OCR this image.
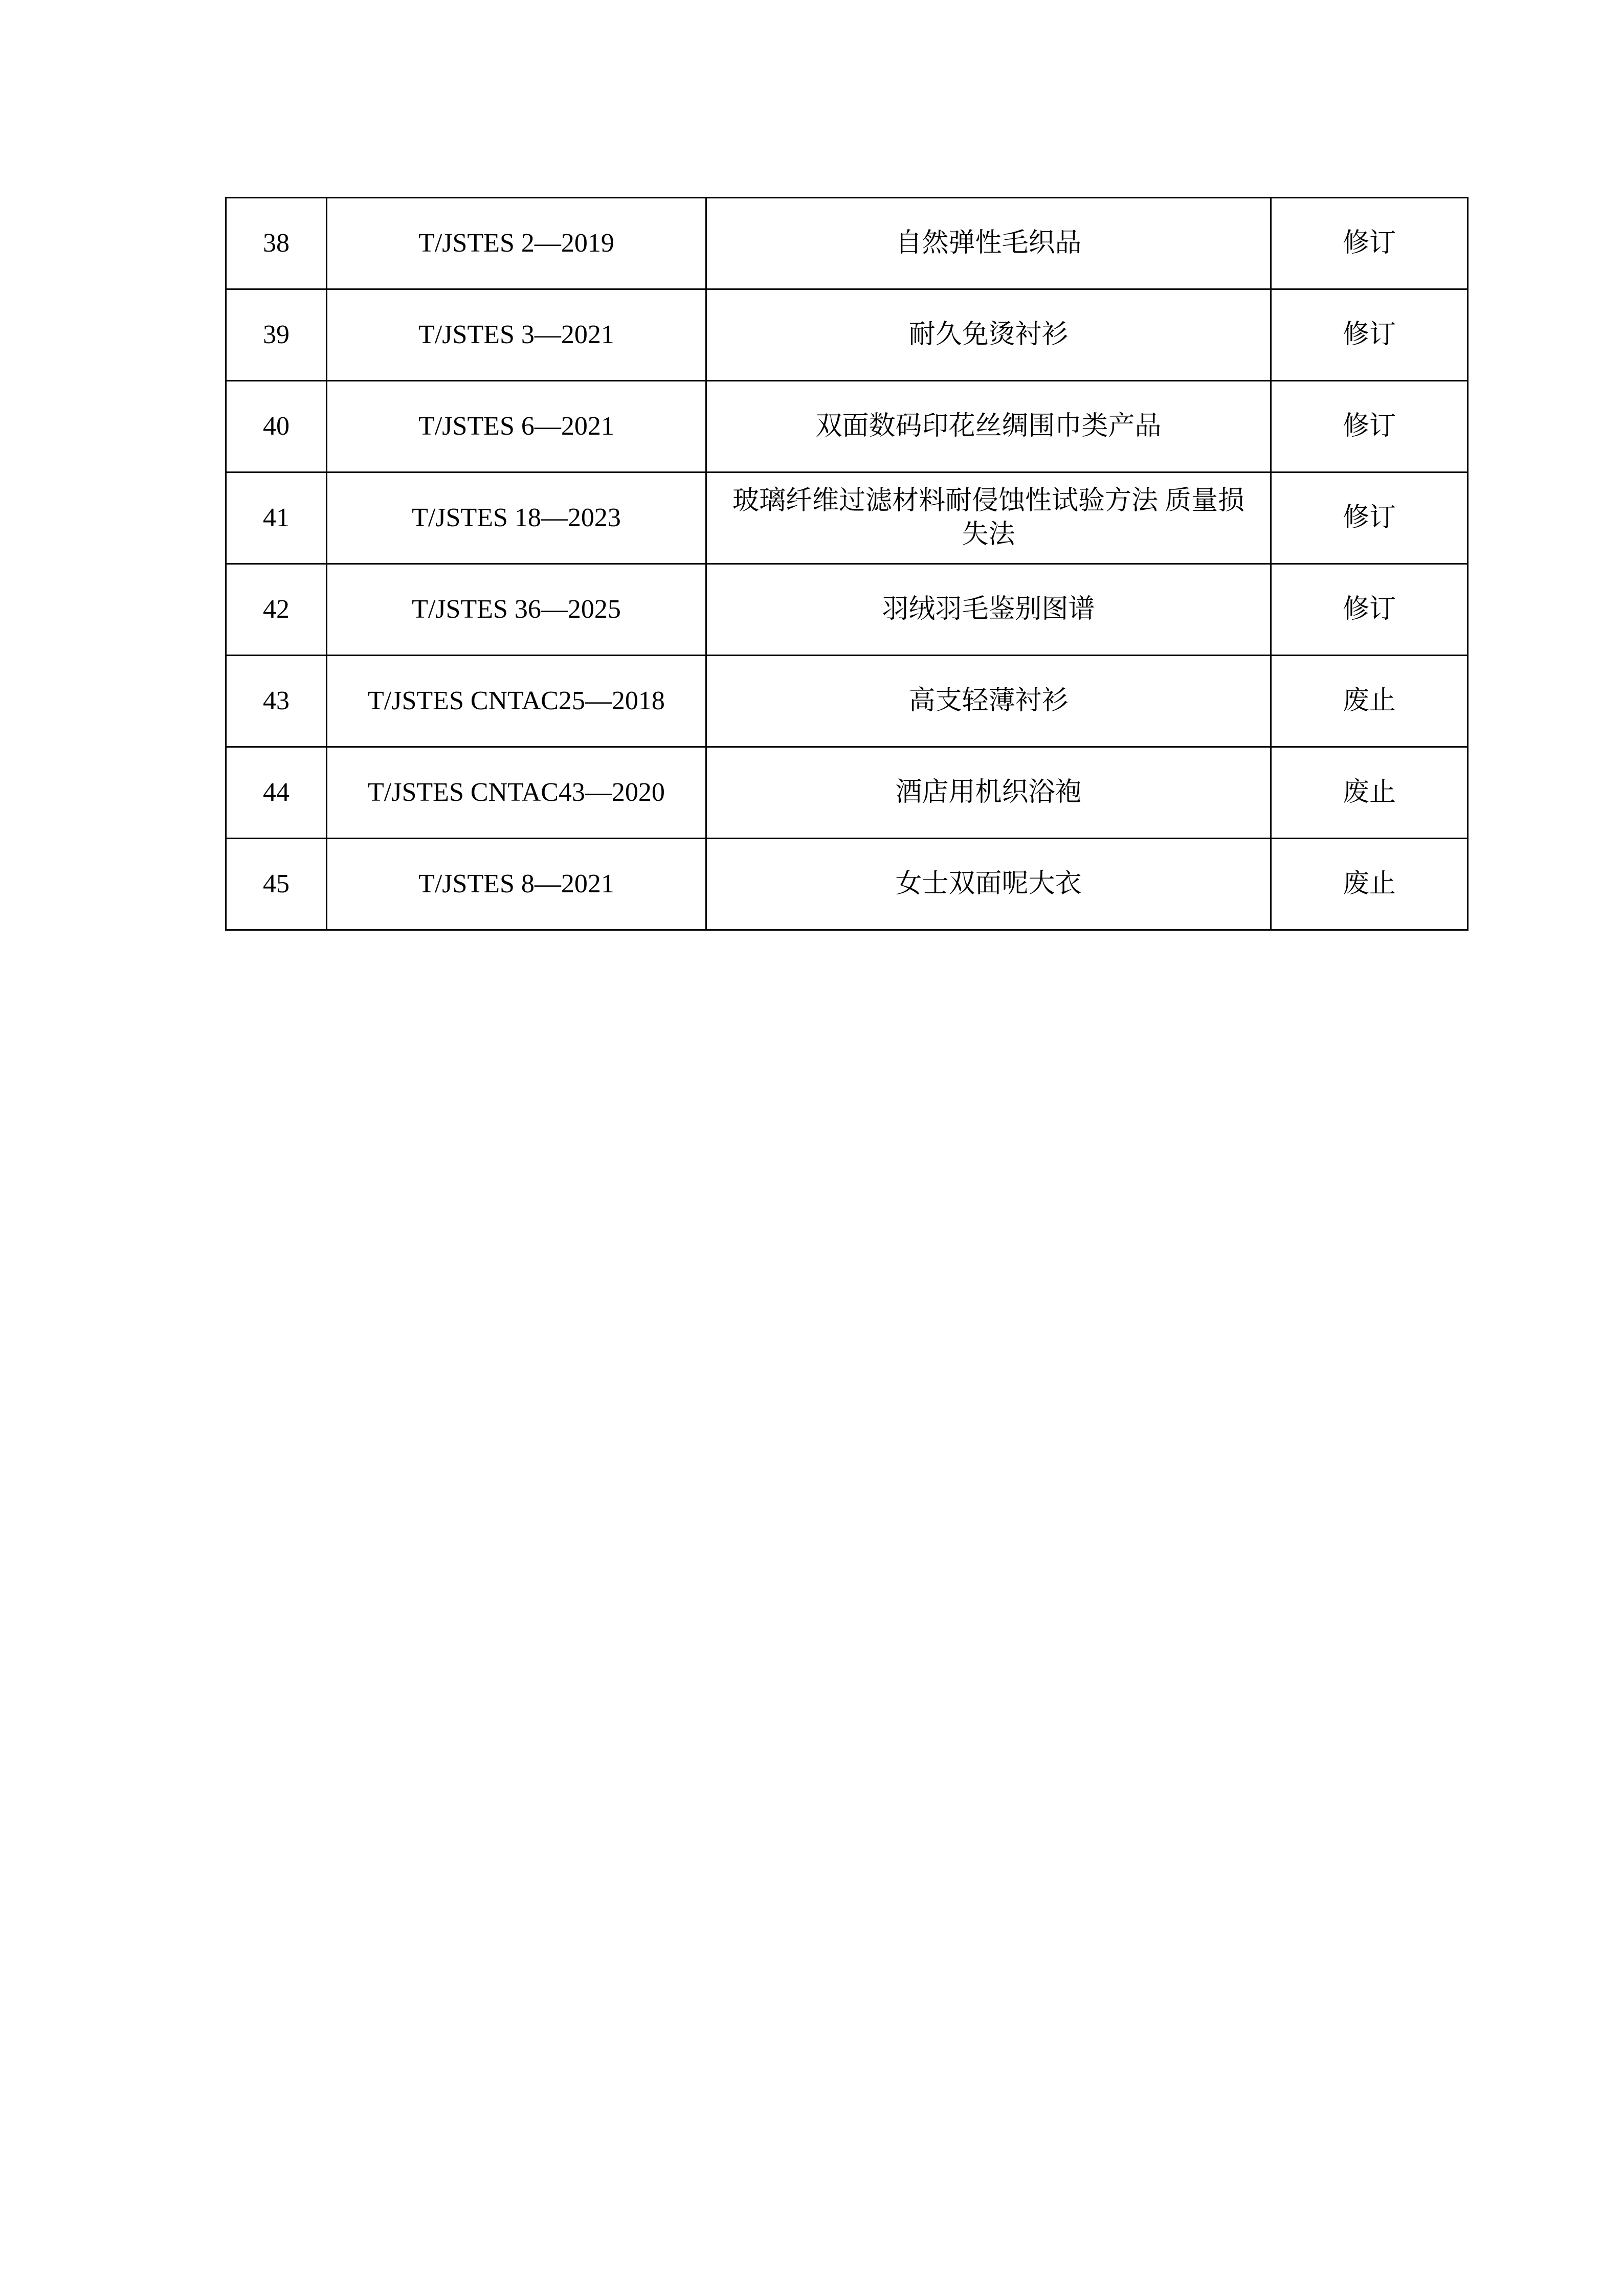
38	T/JSTES 2—2019	自然弹性毛织品	修订
39	T/JSTES 3—2021	耐久免烫衬衫	修订
40	T/JSTES 6—2021	双面数码印花丝绸围巾类产品	修订
41	T/JSTES 18—2023	玻璃纤维过滤材料耐侵蚀性试验方法 质量损失法	修订
42	T/JSTES 36—2025	羽绒羽毛鉴别图谱	修订
43	T/JSTES CNTAC25—2018	高支轻薄衬衫	废止
44	T/JSTES CNTAC43—2020	酒店用机织浴袍	废止
45	T/JSTES 8—2021	女士双面呢大衣	废止
